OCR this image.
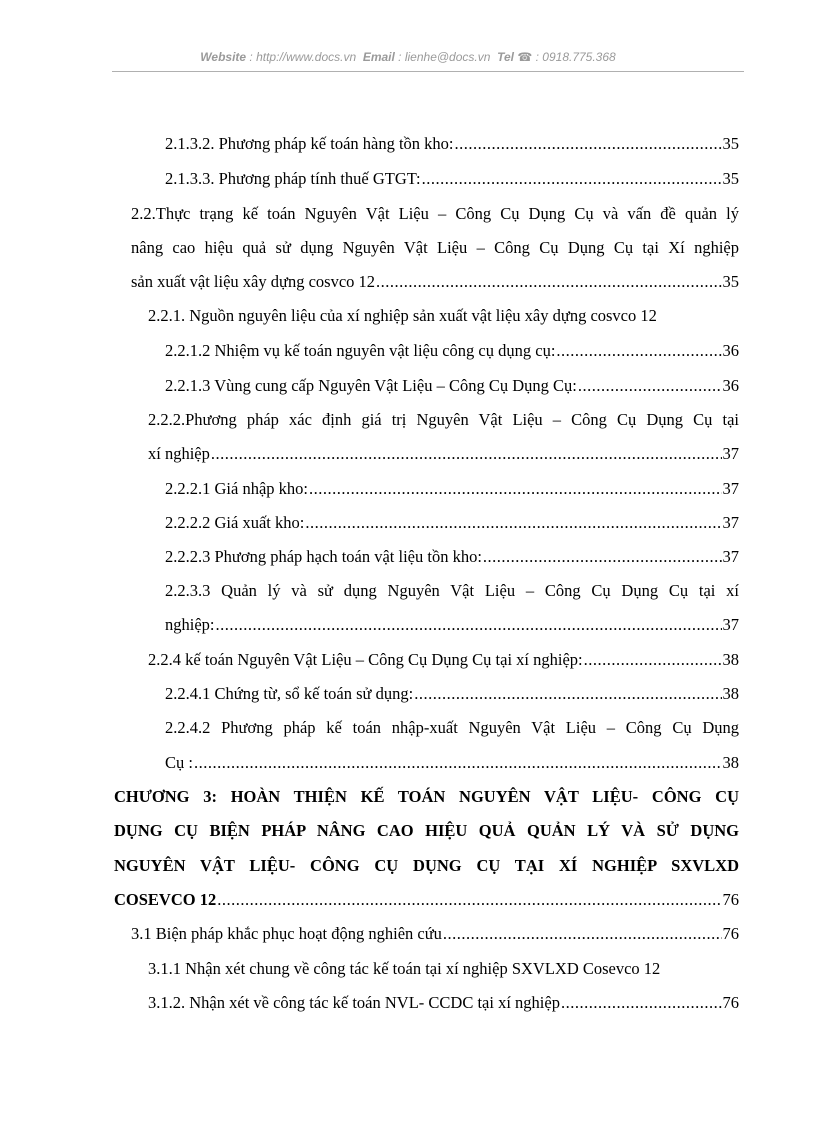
Website : http://www.docs.vn Email : lienhe@docs.vn Tel ☎ : 0918.775.368
2.1.3.2. Phương pháp kế toán hàng tồn kho: .....	35
2.1.3.3. Phương pháp tính thuế GTGT: .....	35
2.2.Thực trạng kế toán Nguyên Vật Liệu – Công Cụ Dụng Cụ và vấn đề quản lý
nâng cao hiệu quả sử dụng Nguyên Vật Liệu – Công Cụ Dụng Cụ tại Xí nghiệp
sản xuất vật liệu xây dựng cosvco 12 .....	35
2.2.1. Nguồn nguyên liệu của xí nghiệp sản xuất vật liệu xây dựng cosvco 12
2.2.1.2 Nhiệm vụ kế toán nguyên vật liệu công cụ dụng cụ: .....	36
2.2.1.3 Vùng cung cấp Nguyên Vật Liệu – Công Cụ Dụng Cụ: .....	36
2.2.2.Phương pháp xác định giá trị Nguyên Vật Liệu – Công Cụ Dụng Cụ tại
xí nghiệp .....	37
2.2.2.1 Giá nhập kho: .....	37
2.2.2.2 Giá xuất kho: .....	37
2.2.2.3 Phương pháp hạch toán vật liệu tồn kho: .....	37
2.2.3.3 Quản lý và sử dụng Nguyên Vật Liệu – Công Cụ Dụng Cụ tại xí
nghiệp: .....	37
2.2.4 kế toán Nguyên Vật Liệu – Công Cụ Dụng Cụ tại xí nghiệp: .....	38
2.2.4.1 Chứng từ, sổ kế toán sử dụng: .....	38
2.2.4.2 Phương pháp kế toán nhập-xuất Nguyên Vật Liệu – Công Cụ Dụng
Cụ : .....	38
CHƯƠNG 3: HOÀN THIỆN KẾ TOÁN NGUYÊN VẬT LIỆU- CÔNG CỤ
DỤNG CỤ BIỆN PHÁP NÂNG CAO HIỆU QUẢ QUẢN LÝ VÀ SỬ DỤNG
NGUYÊN VẬT LIỆU- CÔNG CỤ DỤNG CỤ TẠI XÍ NGHIỆP SXVLXD
COSEVCO 12 .....	76
3.1 Biện pháp khắc phục hoạt động nghiên cứu .....	76
3.1.1 Nhận xét chung về công tác kế toán tại xí nghiệp SXVLXD Cosevco 12
3.1.2. Nhận xét về công tác kế toán NVL- CCDC tại xí nghiệp .....	76
